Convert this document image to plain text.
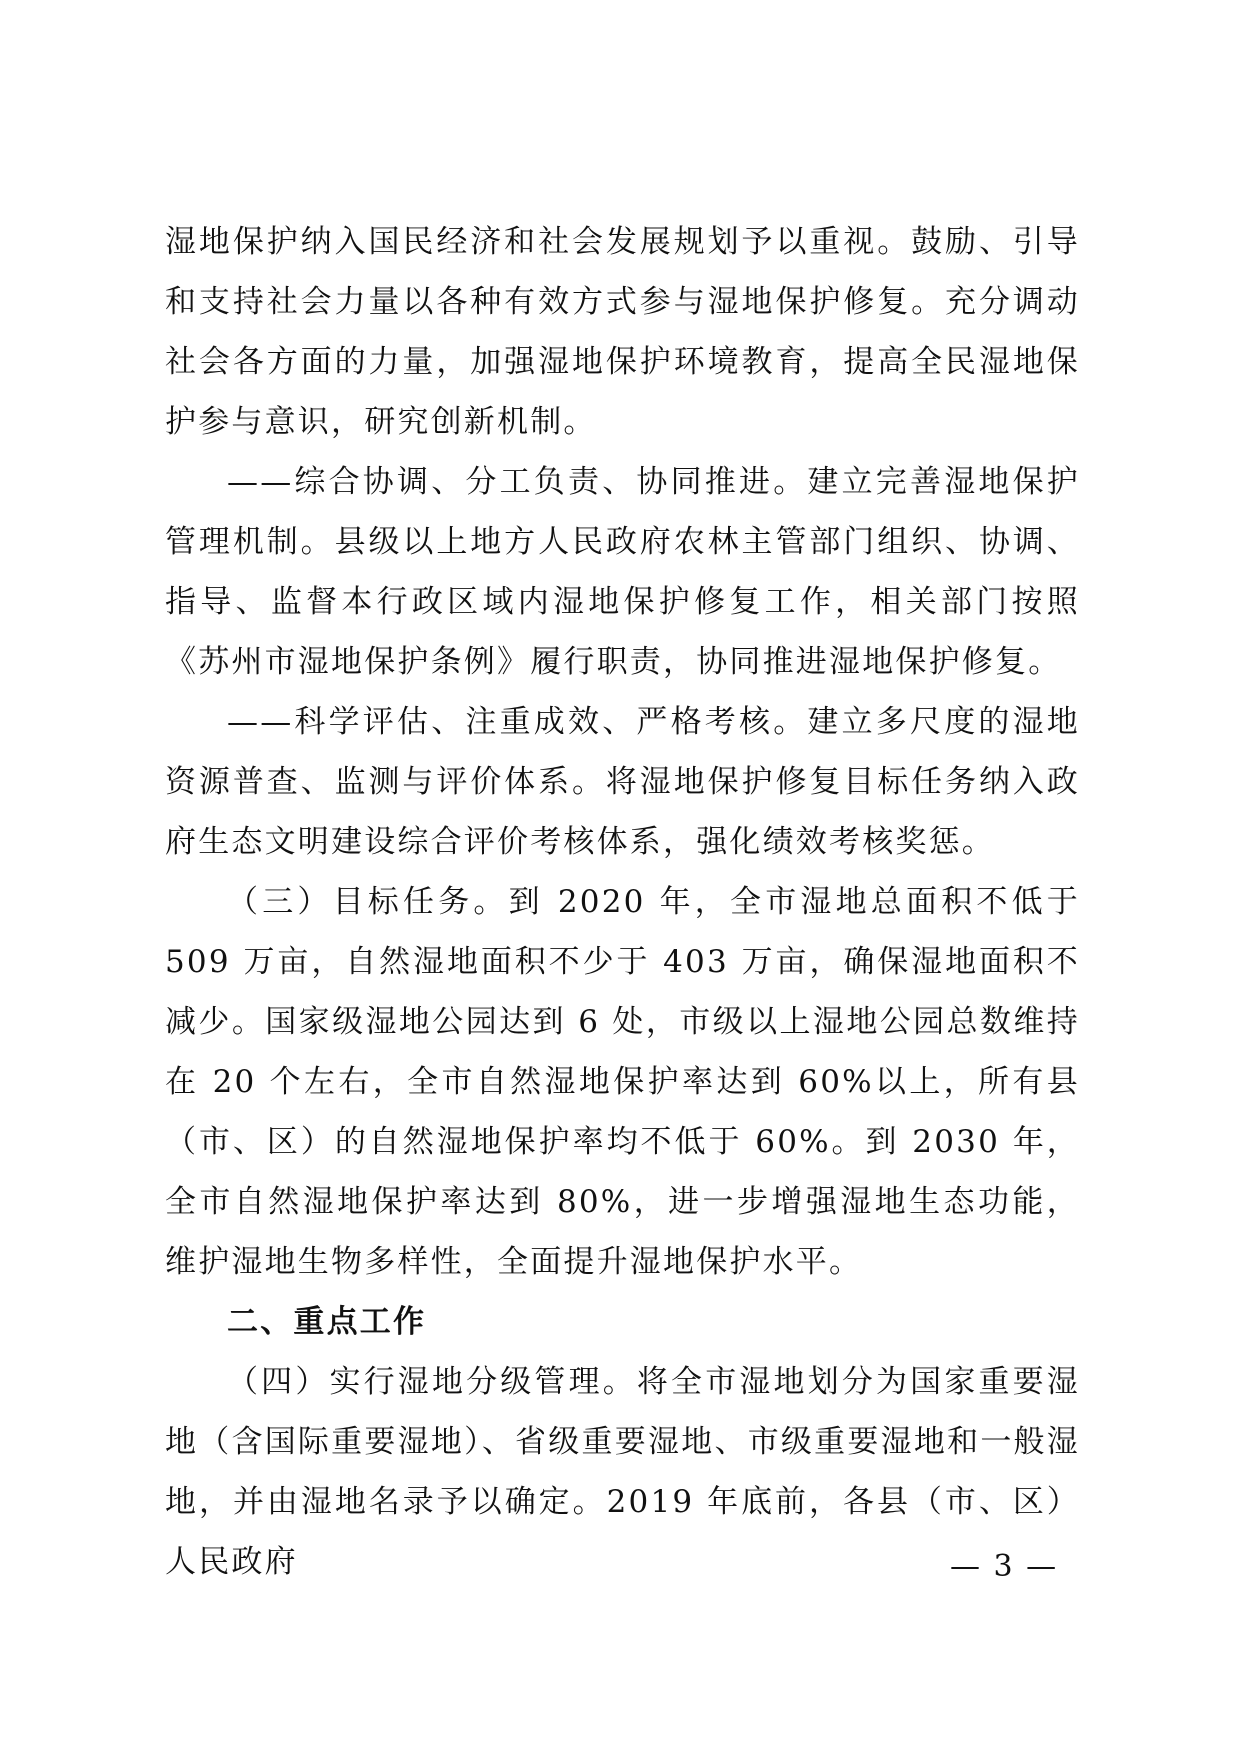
湿地保护纳入国民经济和社会发展规划予以重视。鼓励、引导和支持社会力量以各种有效方式参与湿地保护修复。充分调动社会各方面的力量，加强湿地保护环境教育，提高全民湿地保护参与意识，研究创新机制。

——综合协调、分工负责、协同推进。建立完善湿地保护管理机制。县级以上地方人民政府农林主管部门组织、协调、指导、监督本行政区域内湿地保护修复工作，相关部门按照《苏州市湿地保护条例》履行职责，协同推进湿地保护修复。

——科学评估、注重成效、严格考核。建立多尺度的湿地资源普查、监测与评价体系。将湿地保护修复目标任务纳入政府生态文明建设综合评价考核体系，强化绩效考核奖惩。

（三）目标任务。到 2020 年，全市湿地总面积不低于 509 万亩，自然湿地面积不少于 403 万亩，确保湿地面积不减少。国家级湿地公园达到 6 处，市级以上湿地公园总数维持在 20 个左右，全市自然湿地保护率达到 60%以上，所有县（市、区）的自然湿地保护率均不低于 60%。到 2030 年，全市自然湿地保护率达到 80%，进一步增强湿地生态功能，维护湿地生物多样性，全面提升湿地保护水平。

二、重点工作

（四）实行湿地分级管理。将全市湿地划分为国家重要湿地（含国际重要湿地）、省级重要湿地、市级重要湿地和一般湿地，并由湿地名录予以确定。2019 年底前，各县（市、区）人民政府	— 3 —
